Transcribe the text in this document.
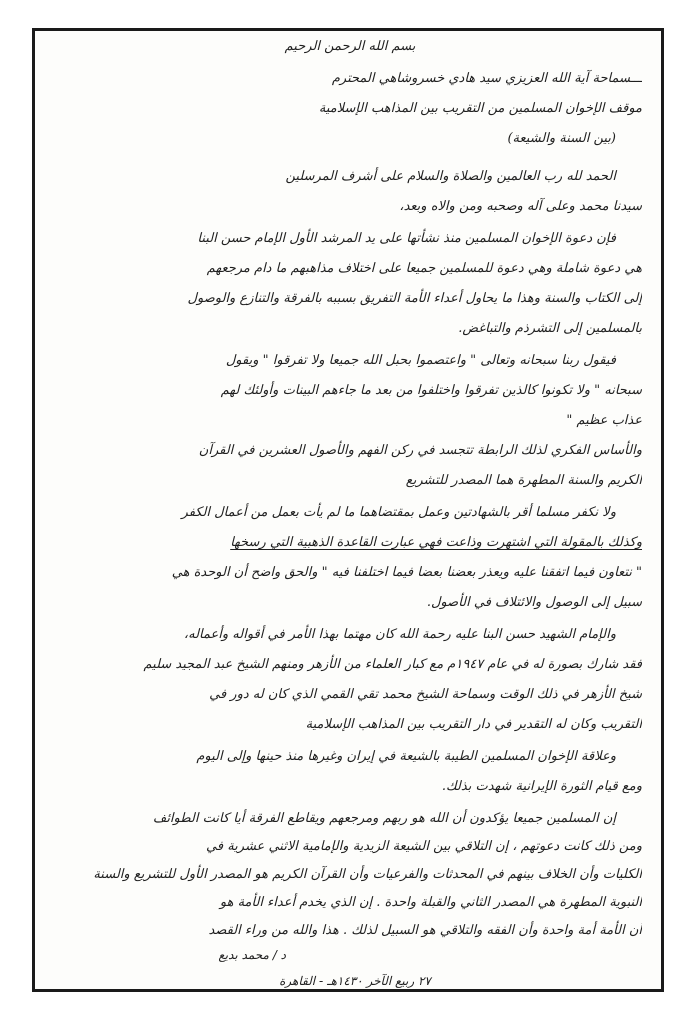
بسم الله الرحمن الرحيم
ـــسماحة آية الله العزيزي سيد هادي خسروشاهي المحترم
موقف الإخوان المسلمين من التقريب بين المذاهب الإسلامية
(بين السنة والشيعة)
الحمد لله رب العالمين والصلاة والسلام على أشرف المرسلين
سيدنا محمد وعلى آله وصحبه ومن والاه وبعد،
فإن دعوة الإخوان المسلمين منذ نشأتها على يد المرشد الأول الإمام حسن البنا
هي دعوة شاملة وهي دعوة للمسلمين جميعا على اختلاف مذاهبهم ما دام مرجعهم
إلى الكتاب والسنة وهذا ما يحاول أعداء الأمة التفريق بسببه بالفرقة والتنازع والوصول
بالمسلمين إلى التشرذم والتباغض.
فيقول ربنا سبحانه وتعالى " واعتصموا بحبل الله جميعا ولا تفرقوا " ويقول
سبحانه " ولا تكونوا كالذين تفرقوا واختلفوا من بعد ما جاءهم البينات وأولئك لهم
عذاب عظيم "
والأساس الفكري لذلك الرابطة تتجسد في ركن الفهم والأصول العشرين في القرآن
الكريم والسنة المطهرة هما المصدر للتشريع
ولا نكفر مسلما أقر بالشهادتين وعمل بمقتضاهما ما لم يأت بعمل من أعمال الكفر
وكذلك بالمقولة التي اشتهرت وذاعت فهي عبارت القاعدة الذهبية التي رسخها
" نتعاون فيما اتفقنا عليه ويعذر بعضنا بعضا فيما اختلفنا فيه " والحق واضح أن الوحدة هي
سبيل إلى الوصول والائتلاف في الأصول.
والإمام الشهيد حسن البنا عليه رحمة الله كان مهتما بهذا الأمر في أقواله وأعماله،
فقد شارك بصورة له في عام ١٩٤٧م مع كبار العلماء من الأزهر ومنهم الشيخ عبد المجيد سليم
شيخ الأزهر في ذلك الوقت وسماحة الشيخ محمد تقي القمي الذي كان له دور في
التقريب وكان له التقدير في دار التقريب بين المذاهب الإسلامية
وعلاقة الإخوان المسلمين الطيبة بالشيعة في إيران وغيرها منذ حينها وإلى اليوم
ومع قيام الثورة الإيرانية شهدت بذلك.
إن المسلمين جميعا يؤكدون أن الله هو ربهم ومرجعهم ويقاطع الفرقة أيا كانت الطوائف
ومن ذلك كانت دعوتهم ، إن التلاقي بين الشيعة الزيدية والإمامية الاثني عشرية في
الكليات وأن الخلاف بينهم في المحدثات والفرعيات وأن القرآن الكريم هو المصدر الأول للتشريع والسنة
النبوية المطهرة هي المصدر الثاني والقبلة واحدة . إن الذي يخدم أعداء الأمة هو
أن الأمة أمة واحدة وأن الفقه والتلاقي هو السبيل لذلك . هذا والله من وراء القصد
د / محمد بديع
٢٧ ربيع الآخر ١٤٣٠هـ - القاهرة
